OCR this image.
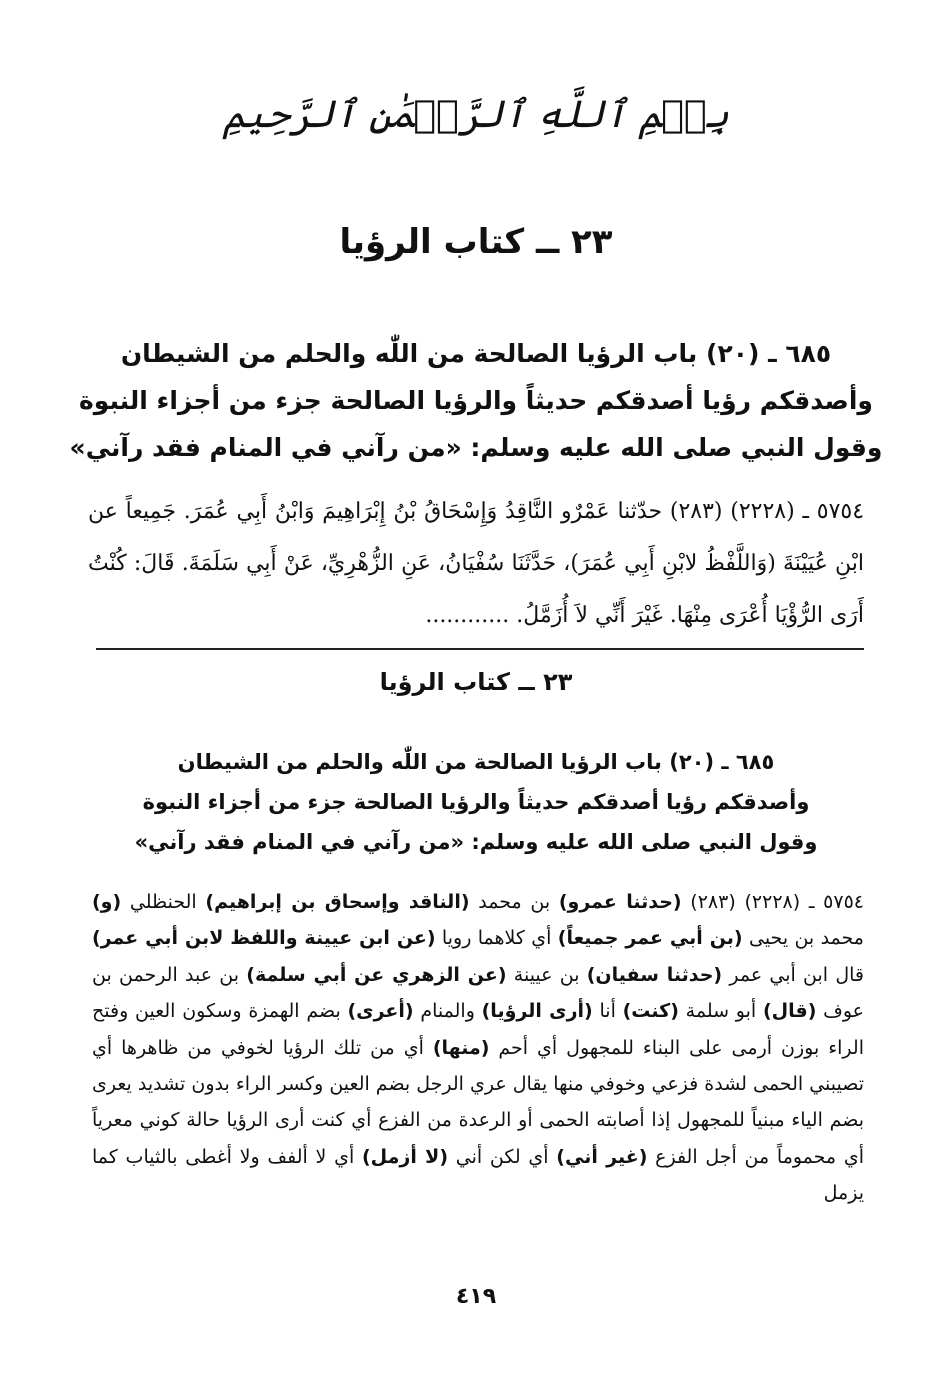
بِسۡمِ ٱللَّهِ ٱلرَّحۡمَٰنِ ٱلرَّحِيمِ
٢٣ ــ كتاب الرؤيا
٦٨٥ ـ (٢٠) باب الرؤيا الصالحة من اللّٰه والحلم من الشيطان
وأصدقكم رؤيا أصدقكم حديثاً والرؤيا الصالحة جزء من أجزاء النبوة
وقول النبي صلى الله عليه وسلم: «من رآني في المنام فقد رآني»
٥٧٥٤ ـ (٢٢٢٨) (٢٨٣) حدّثنا عَمْرٌو النَّاقِدُ وَإِسْحَاقُ بْنُ إِبْرَاهِيمَ وَابْنُ أَبِي عُمَرَ. جَمِيعاً عن ابْنِ عُيَيْنَةَ (وَاللَّفْظُ لابْنِ أَبِي عُمَرَ)، حَدَّثَنَا سُفْيَانُ، عَنِ الزُّهْرِيِّ، عَنْ أَبِي سَلَمَةَ. قَالَ: كُنْتُ أَرَى الرُّؤْيَا أُعْرَى مِنْهَا. غَيْرَ أَنِّي لاَ أُزَمَّلُ. ............
٢٣ ــ كتاب الرؤيا
٦٨٥ ـ (٢٠) باب الرؤيا الصالحة من اللّٰه والحلم من الشيطان
وأصدقكم رؤيا أصدقكم حديثاً والرؤيا الصالحة جزء من أجزاء النبوة
وقول النبي صلى الله عليه وسلم: «من رآني في المنام فقد رآني»
٥٧٥٤ ـ (٢٢٢٨) (٢٨٣) (حدثنا عمرو) بن محمد (الناقد وإسحاق بن إبراهيم) الحنظلي (و) محمد بن يحيى (بن أبي عمر جميعاً) أي كلاهما رويا (عن ابن عيينة واللفظ لابن أبي عمر) قال ابن أبي عمر (حدثنا سفيان) بن عيينة (عن الزهري عن أبي سلمة) بن عبد الرحمن بن عوف (قال) أبو سلمة (كنت) أنا (أرى الرؤيا) والمنام (أعرى) بضم الهمزة وسكون العين وفتح الراء بوزن أرمى على البناء للمجهول أي أحم (منها) أي من تلك الرؤيا لخوفي من ظاهرها أي تصيبني الحمى لشدة فزعي وخوفي منها يقال عري الرجل بضم العين وكسر الراء بدون تشديد يعرى بضم الياء مبنياً للمجهول إذا أصابته الحمى أو الرعدة من الفزع أي كنت أرى الرؤيا حالة كوني معرياً أي محموماً من أجل الفزع (غير أني) أي لكن أني (لا أزمل) أي لا ألفف ولا أغطى بالثياب كما يزمل
٤١٩
